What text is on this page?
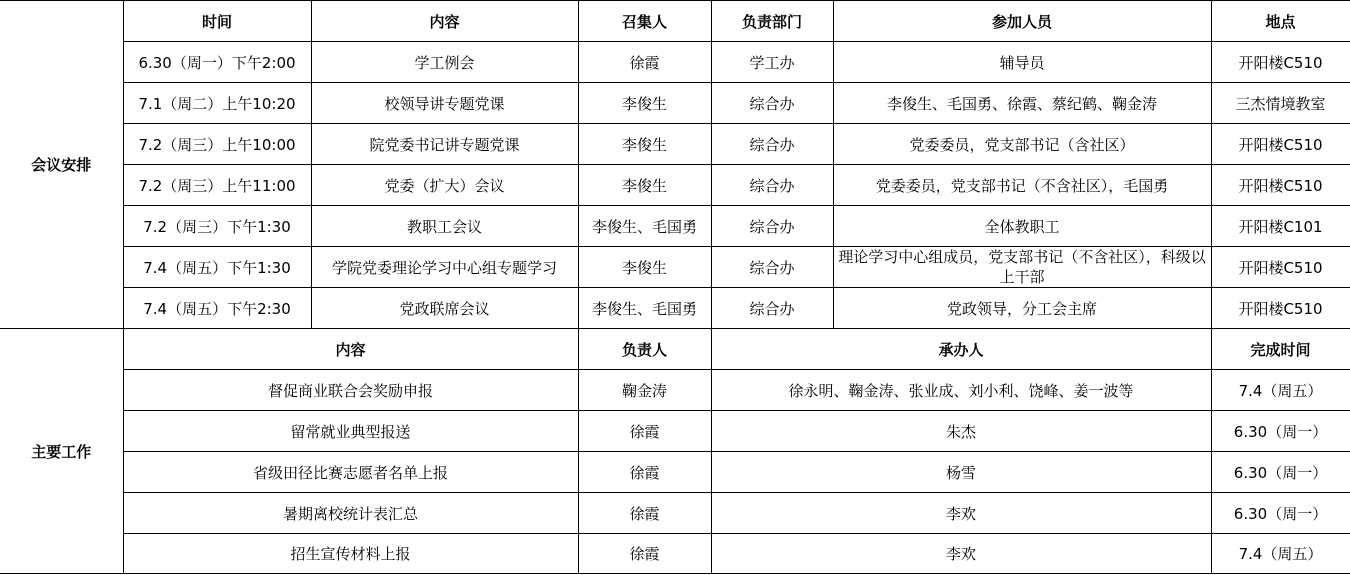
会议安排	时间	内容	召集人	负责部门	参加人员	地点
	6.30（周一）下午2:00	学工例会	徐霞	学工办	辅导员	开阳楼C510
	7.1（周二）上午10:20	校领导讲专题党课	李俊生	综合办	李俊生、毛国勇、徐霞、蔡纪鹤、鞠金涛	三杰情境教室
	7.2（周三）上午10:00	院党委书记讲专题党课	李俊生	综合办	党委委员，党支部书记（含社区）	开阳楼C510
	7.2（周三）上午11:00	党委（扩大）会议	李俊生	综合办	党委委员，党支部书记（不含社区），毛国勇	开阳楼C510
	7.2（周三）下午1:30	教职工会议	李俊生、毛国勇	综合办	全体教职工	开阳楼C101
	7.4（周五）下午1:30	学院党委理论学习中心组专题学习	李俊生	综合办	理论学习中心组成员，党支部书记（不含社区），科级以上干部	开阳楼C510
	7.4（周五）下午2:30	党政联席会议	李俊生、毛国勇	综合办	党政领导，分工会主席	开阳楼C510
主要工作	内容		负责人	承办人		完成时间
	督促商业联合会奖励申报		鞠金涛	徐永明、鞠金涛、张业成、刘小利、饶峰、姜一波等		7.4（周五）
	留常就业典型报送		徐霞	朱杰		6.30（周一）
	省级田径比赛志愿者名单上报		徐霞	杨雪		6.30（周一）
	暑期离校统计表汇总		徐霞	李欢		6.30（周一）
	招生宣传材料上报		徐霞	李欢		7.4（周五）
